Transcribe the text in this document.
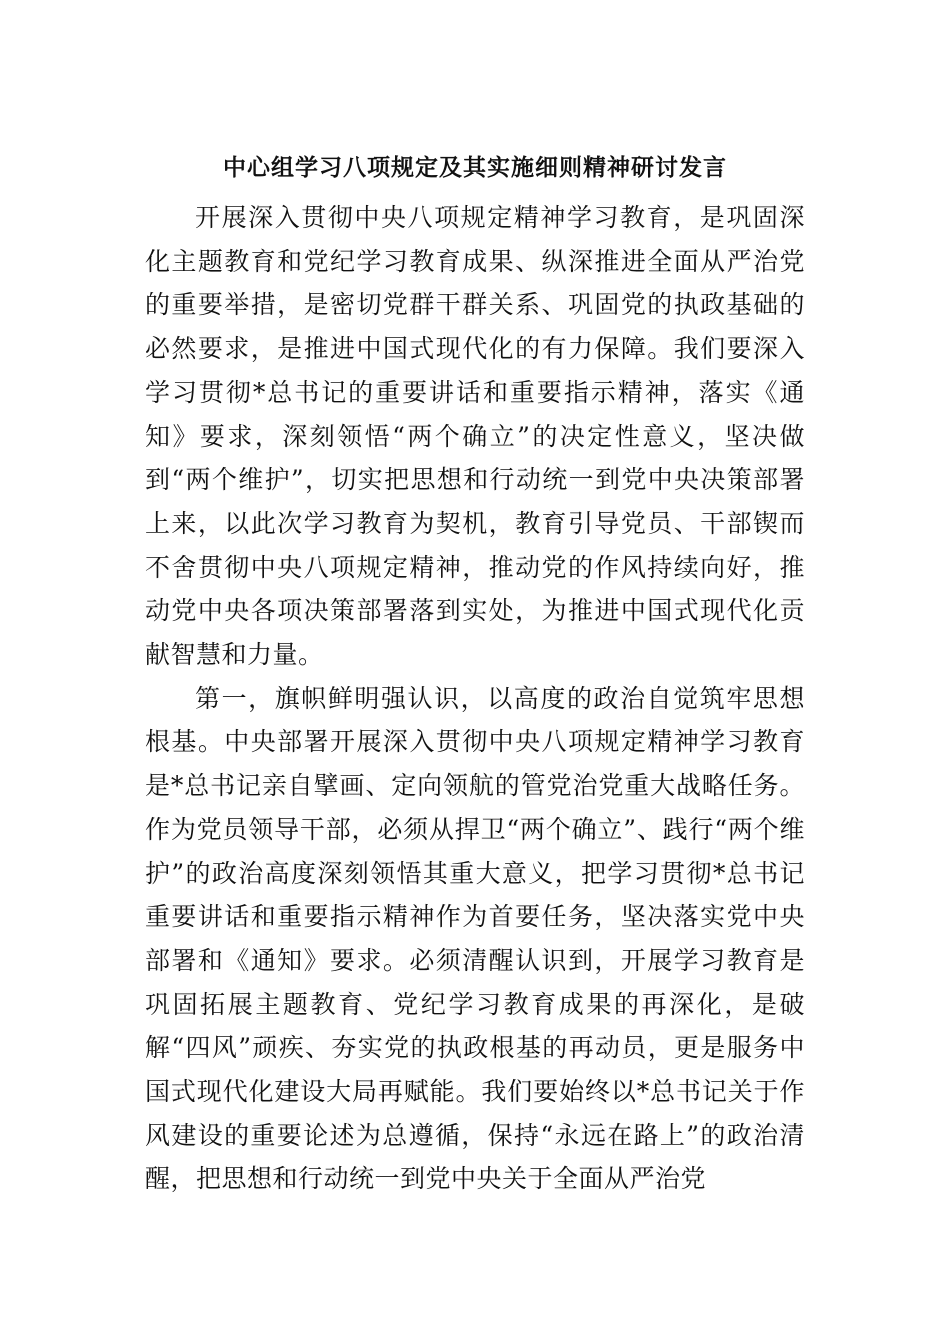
中心组学习八项规定及其实施细则精神研讨发言

开展深入贯彻中央八项规定精神学习教育，是巩固深化主题教育和党纪学习教育成果、纵深推进全面从严治党的重要举措，是密切党群干群关系、巩固党的执政基础的必然要求，是推进中国式现代化的有力保障。我们要深入学习贯彻*总书记的重要讲话和重要指示精神，落实《通知》要求，深刻领悟“两个确立”的决定性意义，坚决做到“两个维护”，切实把思想和行动统一到党中央决策部署上来，以此次学习教育为契机，教育引导党员、干部锲而不舍贯彻中央八项规定精神，推动党的作风持续向好，推动党中央各项决策部署落到实处，为推进中国式现代化贡献智慧和力量。

第一，旗帜鲜明强认识，以高度的政治自觉筑牢思想根基。中央部署开展深入贯彻中央八项规定精神学习教育是*总书记亲自擘画、定向领航的管党治党重大战略任务。作为党员领导干部，必须从捍卫“两个确立”、践行“两个维护”的政治高度深刻领悟其重大意义，把学习贯彻*总书记重要讲话和重要指示精神作为首要任务，坚决落实党中央部署和《通知》要求。必须清醒认识到，开展学习教育是巩固拓展主题教育、党纪学习教育成果的再深化，是破解“四风”顽疾、夯实党的执政根基的再动员，更是服务中国式现代化建设大局再赋能。我们要始终以*总书记关于作风建设的重要论述为总遵循，保持“永远在路上”的政治清醒，把思想和行动统一到党中央关于全面从严治党
